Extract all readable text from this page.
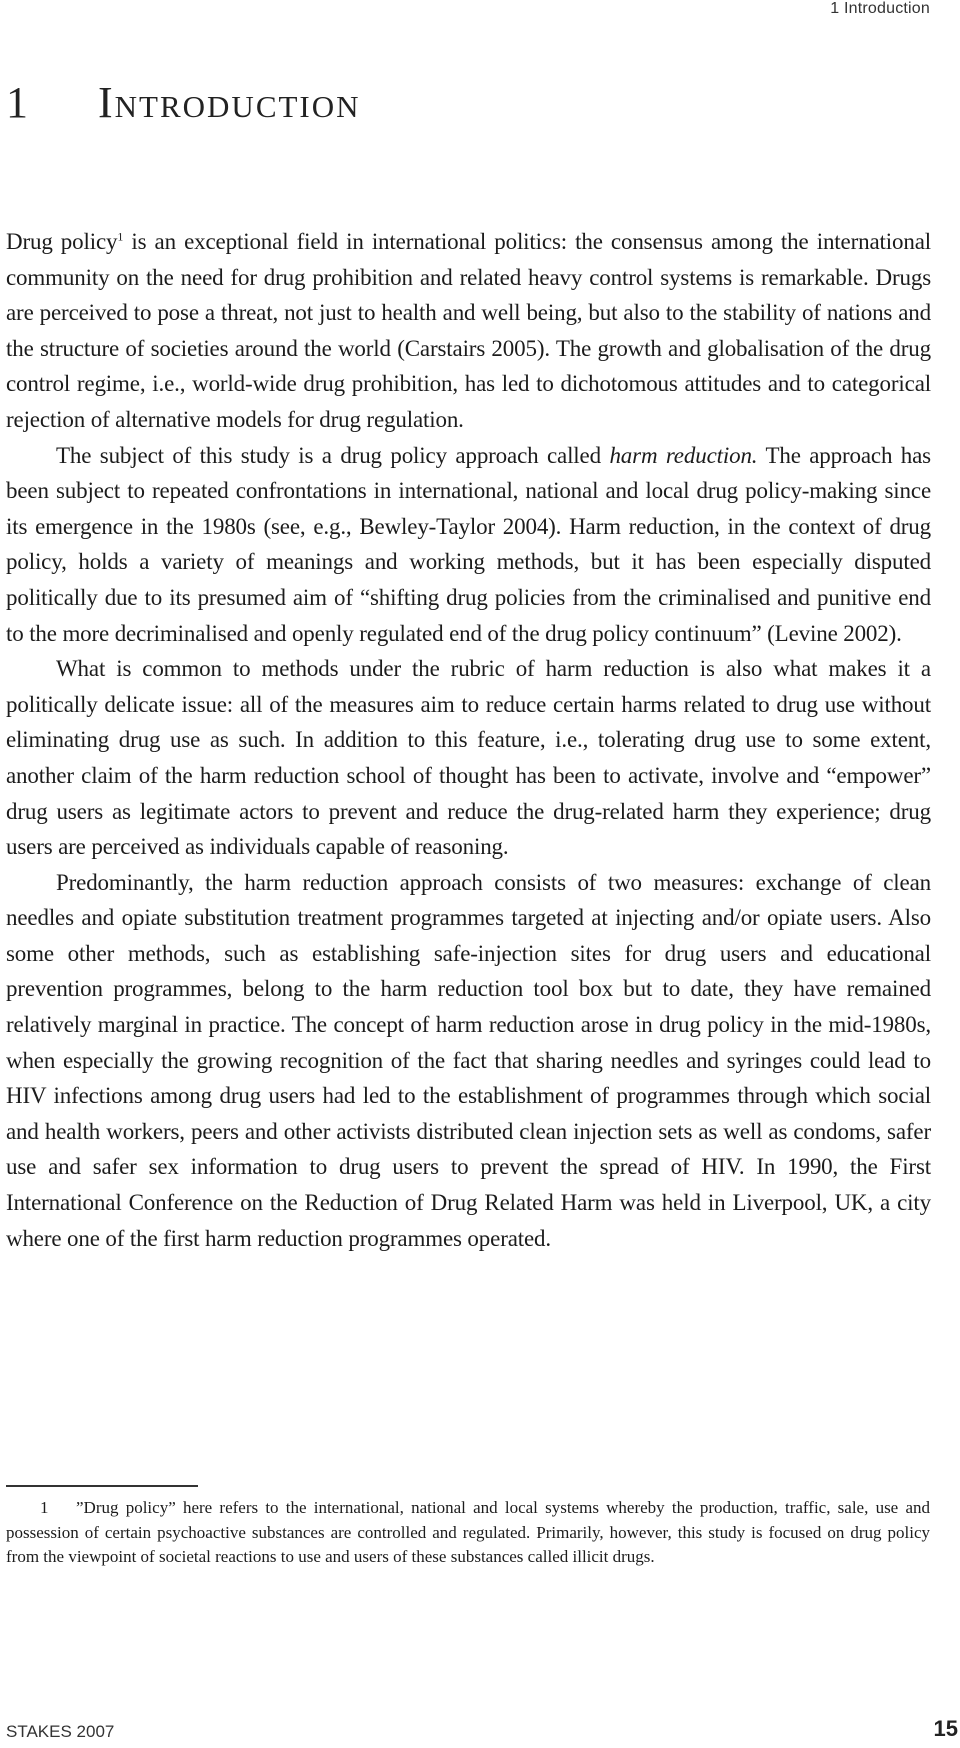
1 Introduction
1 Introduction

Drug policy$^1$ is an exceptional field in international politics: the consensus among the international community on the need for drug prohibition and related heavy control systems is remarkable. Drugs are perceived to pose a threat, not just to health and well being, but also to the stability of nations and the structure of societies around the world (Carstairs 2005). The growth and globalisation of the drug control regime, i.e., world-wide drug prohibition, has led to dichotomous attitudes and to categorical rejection of alternative models for drug regulation.

The subject of this study is a drug policy approach called harm reduction. The approach has been subject to repeated confrontations in international, national and local drug policy-making since its emergence in the 1980s (see, e.g., Bewley-Taylor 2004). Harm reduction, in the context of drug policy, holds a variety of meanings and working methods, but it has been especially disputed politically due to its presumed aim of “shifting drug policies from the criminalised and punitive end to the more decriminalised and openly regulated end of the drug policy continuum” (Levine 2002).

What is common to methods under the rubric of harm reduction is also what makes it a politically delicate issue: all of the measures aim to reduce certain harms related to drug use without eliminating drug use as such. In addition to this feature, i.e., tolerating drug use to some extent, another claim of the harm reduction school of thought has been to activate, involve and “empower” drug users as legitimate actors to prevent and reduce the drug-related harm they experience; drug users are perceived as individuals capable of reasoning.

Predominantly, the harm reduction approach consists of two measures: exchange of clean needles and opiate substitution treatment programmes targeted at injecting and/or opiate users. Also some other methods, such as establishing safe-injection sites for drug users and educational prevention programmes, belong to the harm reduction tool box but to date, they have remained relatively marginal in practice. The concept of harm reduction arose in drug policy in the mid-1980s, when especially the growing recognition of the fact that sharing needles and syringes could lead to HIV infections among drug users had led to the establishment of programmes through which social and health workers, peers and other activists distributed clean injection sets as well as condoms, safer use and safer sex information to drug users to prevent the spread of HIV. In 1990, the First International Conference on the Reduction of Drug Related Harm was held in Liverpool, UK, a city where one of the first harm reduction programmes operated.

1 ”Drug policy” here refers to the international, national and local systems whereby the production, traffic, sale, use and possession of certain psychoactive substances are controlled and regulated. Primarily, however, this study is focused on drug policy from the viewpoint of societal reactions to use and users of these substances called illicit drugs.

STAKES 2007	15
